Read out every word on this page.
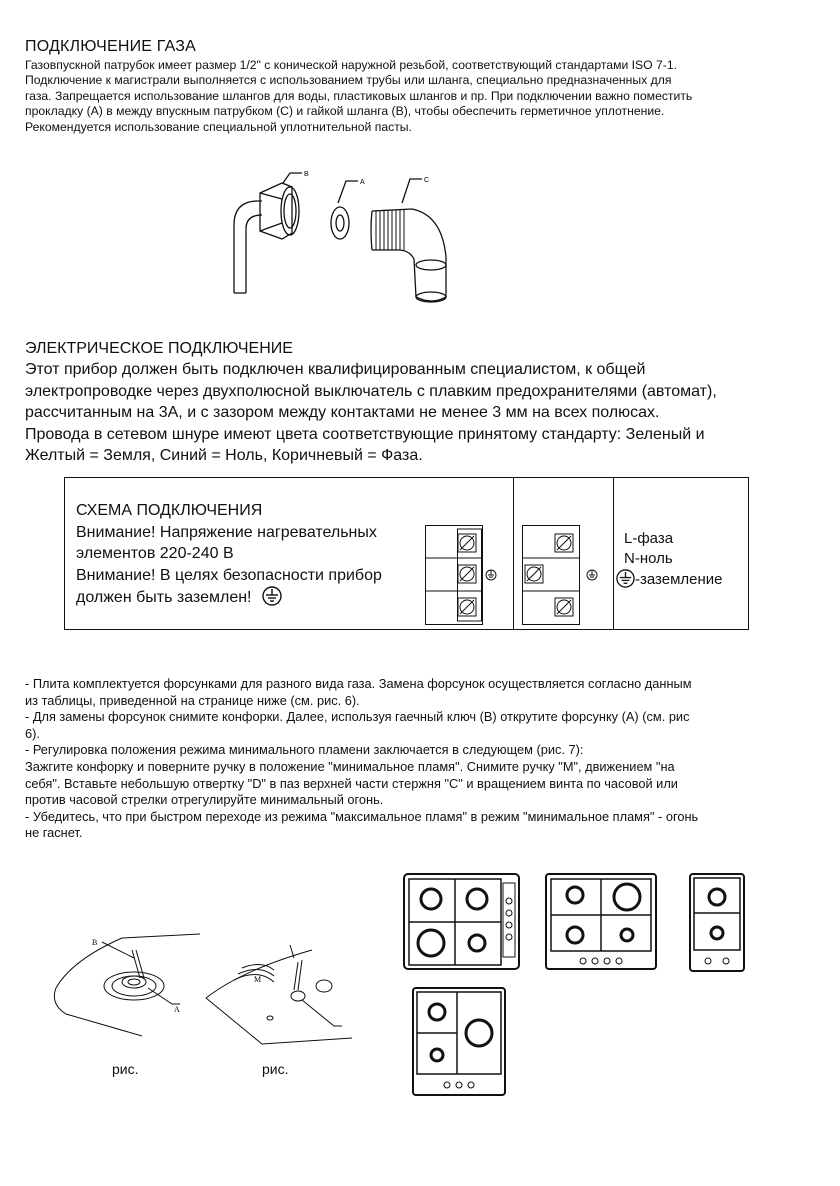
ПОДКЛЮЧЕНИЕ ГАЗА
Газовпускной патрубок имеет размер 1/2" с конической наружной резьбой, соответствующий стандартами ISO 7-1.
Подключение к магистрали выполняется с использованием трубы или шланга, специально предназначенных для
газа. Запрещается использование шлангов для воды, пластиковых шлангов и пр. При подключении важно поместить
прокладку (А) в между впускным патрубком (С) и гайкой шланга (В), чтобы обеспечить герметичное уплотнение.
Рекомендуется использование специальной уплотнительной пасты.
B
A	C
ЭЛЕКТРИЧЕСКОЕ ПОДКЛЮЧЕНИЕ
Этот прибор должен быть подключен квалифицированным специалистом, к общей
электропроводке через двухполюсной выключатель с плавким предохранителями (автомат),
рассчитанным на 3А, и с зазором между контактами не менее 3 мм на всех полюсах.
Провода в сетевом шнуре имеют цвета соответствующие принятому стандарту: Зеленый и
Желтый = Земля, Синий = Ноль, Коричневый = Фаза.
СХЕМА ПОДКЛЮЧЕНИЯ
Внимание! Напряжение нагревательных
элементов 220-240 В
Внимание! В целях безопасности прибор
должен быть заземлен!
L-фаза
N-ноль
-заземление
- Плита комплектуется форсунками для разного вида газа. Замена форсунок осуществляется согласно данным
из таблицы, приведенной на странице ниже (см. рис. 6).
- Для замены форсунок снимите конфорки. Далее, используя гаечный ключ (В) открутите форсунку (А) (см. рис
6).
- Регулировка положения режима минимального пламени заключается в следующем (рис. 7):
Зажгите конфорку и поверните ручку в положение "минимальное пламя". Снимите ручку "М", движением "на
себя". Вставьте небольшую отвертку "D" в паз верхней части стержня "С" и вращением винта по часовой или
против часовой стрелки отрегулируйте минимальный огонь.
- Убедитесь, что при быстром переходе из режима "максимальное пламя" в режим "минимальное пламя" - огонь
не гаснет.
B
A
рис.
M
рис.
